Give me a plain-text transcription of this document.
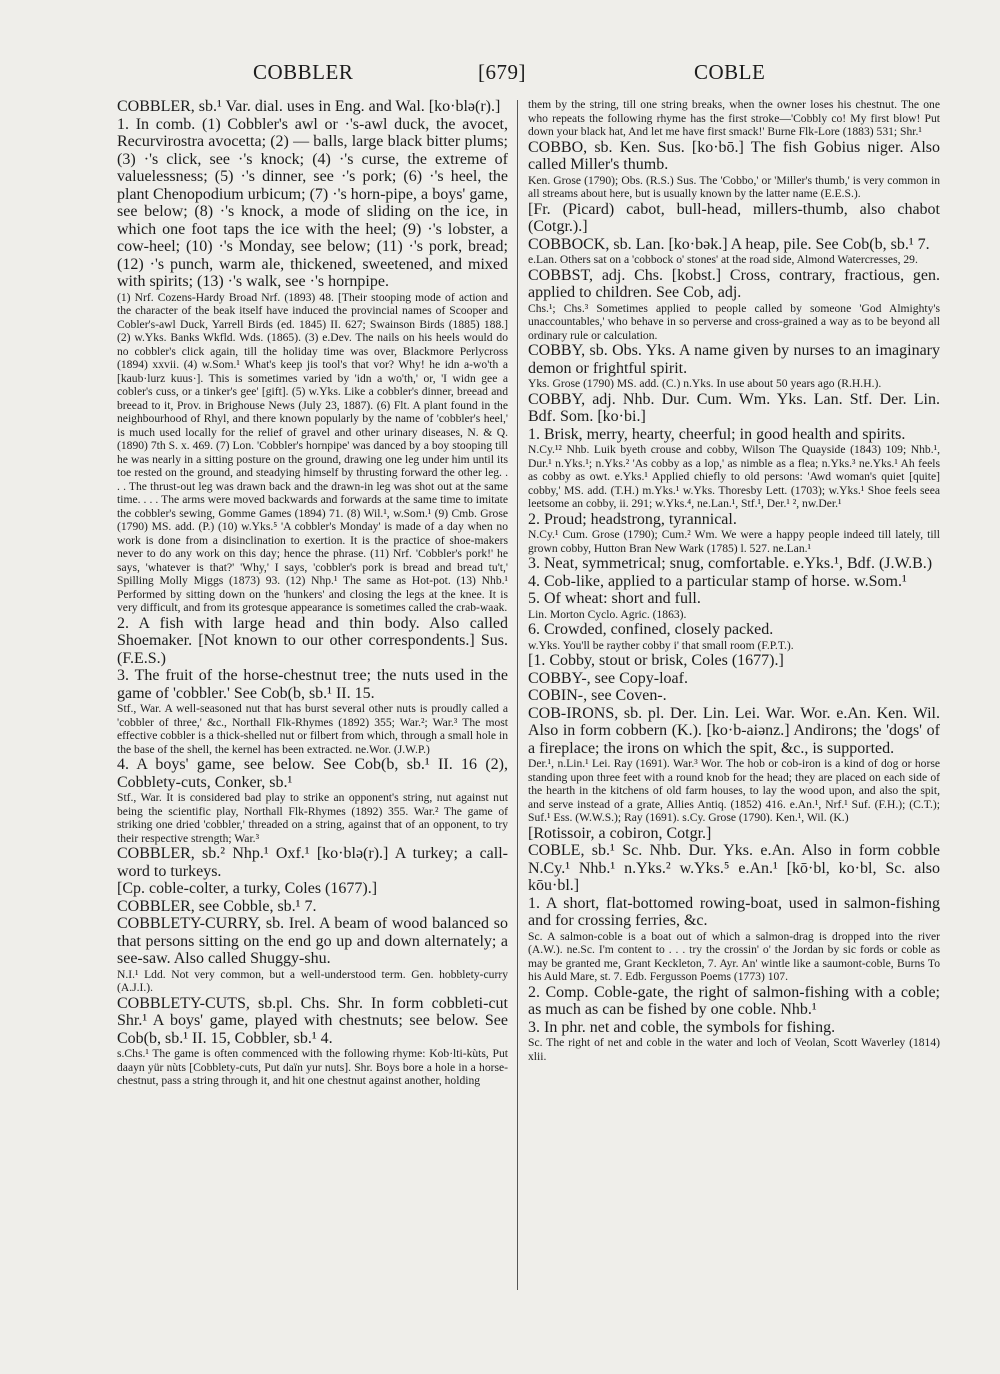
COBBLER	[679]	COBLE

COBBLER, sb.¹ Var. dial. uses in Eng. and Wal. [ko·blə(r).]

1. In comb. (1) Cobbler's awl or ·'s-awl duck, the avocet, Recurvirostra avocetta; (2) — balls, large black bitter plums; (3) ·'s click, see ·'s knock; (4) ·'s curse, the extreme of valuelessness; (5) ·'s dinner, see ·'s pork; (6) ·'s heel, the plant Chenopodium urbicum; (7) ·'s horn-pipe, a boys' game, see below; (8) ·'s knock, a mode of sliding on the ice, in which one foot taps the ice with the heel; (9) ·'s lobster, a cow-heel; (10) ·'s Monday, see below; (11) ·'s pork, bread; (12) ·'s punch, warm ale, thickened, sweetened, and mixed with spirits; (13) ·'s walk, see ·'s hornpipe.

(1) Nrf. Cozens-Hardy Broad Nrf. (1893) 48. [Their stooping mode of action and the character of the beak itself have induced the provincial names of Scooper and Cobler's-awl Duck, Yarrell Birds (ed. 1845) II. 627; Swainson Birds (1885) 188.] (2) w.Yks. Banks Wkfld. Wds. (1865). (3) e.Dev. The nails on his heels would do no cobbler's click again, till the holiday time was over, Blackmore Perlycross (1894) xxvii. (4) w.Som.¹ What's keep jis tool's that vor? Why! he idn a-wo'th a [kaub·lurz kuus·]. This is sometimes varied by 'idn a wo'th,' or, 'I widn gee a cobler's cuss, or a tinker's gee' [gift]. (5) w.Yks. Like a cobbler's dinner, breead and breead to it, Prov. in Brighouse News (July 23, 1887). (6) Flt. A plant found in the neighbourhood of Rhyl, and there known popularly by the name of 'cobbler's heel,' is much used locally for the relief of gravel and other urinary diseases, N. & Q. (1890) 7th S. x. 469. (7) Lon. 'Cobbler's hornpipe' was danced by a boy stooping till he was nearly in a sitting posture on the ground, drawing one leg under him until its toe rested on the ground, and steadying himself by thrusting forward the other leg. . . . The thrust-out leg was drawn back and the drawn-in leg was shot out at the same time. . . . The arms were moved backwards and forwards at the same time to imitate the cobbler's sewing, Gomme Games (1894) 71. (8) Wil.¹, w.Som.¹ (9) Cmb. Grose (1790) MS. add. (P.) (10) w.Yks.⁵ 'A cobbler's Monday' is made of a day when no work is done from a disinclination to exertion. It is the practice of shoe-makers never to do any work on this day; hence the phrase. (11) Nrf. 'Cobbler's pork!' he says, 'whatever is that?' 'Why,' I says, 'cobbler's pork is bread and bread tu't,' Spilling Molly Miggs (1873) 93. (12) Nhp.¹ The same as Hot-pot. (13) Nhb.¹ Performed by sitting down on the 'hunkers' and closing the legs at the knee. It is very difficult, and from its grotesque appearance is sometimes called the crab-waak.

2. A fish with large head and thin body. Also called Shoemaker. [Not known to our other correspondents.] Sus. (F.E.S.)

3. The fruit of the horse-chestnut tree; the nuts used in the game of 'cobbler.' See Cob(b, sb.¹ II. 15.

Stf., War. A well-seasoned nut that has burst several other nuts is proudly called a 'cobbler of three,' &c., Northall Flk-Rhymes (1892) 355; War.²; War.³ The most effective cobbler is a thick-shelled nut or filbert from which, through a small hole in the base of the shell, the kernel has been extracted. ne.Wor. (J.W.P.)

4. A boys' game, see below. See Cob(b, sb.¹ II. 16 (2), Cobblety-cuts, Conker, sb.¹

Stf., War. It is considered bad play to strike an opponent's string, nut against nut being the scientific play, Northall Flk-Rhymes (1892) 355. War.² The game of striking one dried 'cobbler,' threaded on a string, against that of an opponent, to try their respective strength; War.³

COBBLER, sb.² Nhp.¹ Oxf.¹ [ko·blə(r).] A turkey; a call-word to turkeys.

[Cp. coble-colter, a turky, Coles (1677).]

COBBLER, see Cobble, sb.¹ 7.

COBBLETY-CURRY, sb. Irel. A beam of wood balanced so that persons sitting on the end go up and down alternately; a see-saw. Also called Shuggy-shu.

N.I.¹ Ldd. Not very common, but a well-understood term. Gen. hobblety-curry (A.J.I.).

COBBLETY-CUTS, sb.pl. Chs. Shr. In form cobbleti-cut Shr.¹ A boys' game, played with chestnuts; see below. See Cob(b, sb.¹ II. 15, Cobbler, sb.¹ 4.

s.Chs.¹ The game is often commenced with the following rhyme: Kob·lti-kùts, Put daayn yür nùts [Cobblety-cuts, Put daïn yur nuts]. Shr. Boys bore a hole in a horse-chestnut, pass a string through it, and hit one chestnut against another, holding

them by the string, till one string breaks, when the owner loses his chestnut. The one who repeats the following rhyme has the first stroke—'Cobbly co! My first blow! Put down your black hat, And let me have first smack!' Burne Flk-Lore (1883) 531; Shr.¹

COBBO, sb. Ken. Sus. [ko·bō.] The fish Gobius niger. Also called Miller's thumb.

Ken. Grose (1790); Obs. (R.S.) Sus. The 'Cobbo,' or 'Miller's thumb,' is very common in all streams about here, but is usually known by the latter name (E.E.S.).

[Fr. (Picard) cabot, bull-head, millers-thumb, also chabot (Cotgr.).]

COBBOCK, sb. Lan. [ko·bək.] A heap, pile. See Cob(b, sb.¹ 7.

e.Lan. Others sat on a 'cobbock o' stones' at the road side, Almond Watercresses, 29.

COBBST, adj. Chs. [kobst.] Cross, contrary, fractious, gen. applied to children. See Cob, adj.

Chs.¹; Chs.³ Sometimes applied to people called by someone 'God Almighty's unaccountables,' who behave in so perverse and cross-grained a way as to be beyond all ordinary rule or calculation.

COBBY, sb. Obs. Yks. A name given by nurses to an imaginary demon or frightful spirit.

Yks. Grose (1790) MS. add. (C.) n.Yks. In use about 50 years ago (R.H.H.).

COBBY, adj. Nhb. Dur. Cum. Wm. Yks. Lan. Stf. Der. Lin. Bdf. Som. [ko·bi.]

1. Brisk, merry, hearty, cheerful; in good health and spirits.

N.Cy.¹² Nhb. Luik byeth crouse and cobby, Wilson The Quayside (1843) 109; Nhb.¹, Dur.¹ n.Yks.¹; n.Yks.² 'As cobby as a lop,' as nimble as a flea; n.Yks.³ ne.Yks.¹ Ah feels as cobby as owt. e.Yks.¹ Applied chiefly to old persons: 'Awd woman's quiet [quite] cobby,' MS. add. (T.H.) m.Yks.¹ w.Yks. Thoresby Lett. (1703); w.Yks.¹ Shoe feels seea leetsome an cobby, ii. 291; w.Yks.⁴, ne.Lan.¹, Stf.¹, Der.¹ ², nw.Der.¹

2. Proud; headstrong, tyrannical.

N.Cy.¹ Cum. Grose (1790); Cum.² Wm. We were a happy people indeed till lately, till grown cobby, Hutton Bran New Wark (1785) l. 527. ne.Lan.¹

3. Neat, symmetrical; snug, comfortable. e.Yks.¹, Bdf. (J.W.B.)

4. Cob-like, applied to a particular stamp of horse. w.Som.¹

5. Of wheat: short and full.

Lin. Morton Cyclo. Agric. (1863).

6. Crowded, confined, closely packed.

w.Yks. You'll be rayther cobby i' that small room (F.P.T.).

[1. Cobby, stout or brisk, Coles (1677).]

COBBY-, see Copy-loaf.

COBIN-, see Coven-.

COB-IRONS, sb. pl. Der. Lin. Lei. War. Wor. e.An. Ken. Wil. Also in form cobbern (K.). [ko·b-aiənz.] Andirons; the 'dogs' of a fireplace; the irons on which the spit, &c., is supported.

Der.¹, n.Lin.¹ Lei. Ray (1691). War.³ Wor. The hob or cob-iron is a kind of dog or horse standing upon three feet with a round knob for the head; they are placed on each side of the hearth in the kitchens of old farm houses, to lay the wood upon, and also the spit, and serve instead of a grate, Allies Antiq. (1852) 416. e.An.¹, Nrf.¹ Suf. (F.H.); (C.T.); Suf.¹ Ess. (W.W.S.); Ray (1691). s.Cy. Grose (1790). Ken.¹, Wil. (K.)

[Rotissoir, a cobiron, Cotgr.]

COBLE, sb.¹ Sc. Nhb. Dur. Yks. e.An. Also in form cobble N.Cy.¹ Nhb.¹ n.Yks.² w.Yks.⁵ e.An.¹ [kō·bl, ko·bl, Sc. also kōu·bl.]

1. A short, flat-bottomed rowing-boat, used in salmon-fishing and for crossing ferries, &c.

Sc. A salmon-coble is a boat out of which a salmon-drag is dropped into the river (A.W.). ne.Sc. I'm content to . . . try the crossin' o' the Jordan by sic fords or coble as may be granted me, Grant Keckleton, 7. Ayr. An' wintle like a saumont-coble, Burns To his Auld Mare, st. 7. Edb. Fergusson Poems (1773) 107.

2. Comp. Coble-gate, the right of salmon-fishing with a coble; as much as can be fished by one coble. Nhb.¹

3. In phr. net and coble, the symbols for fishing.

Sc. The right of net and coble in the water and loch of Veolan, Scott Waverley (1814) xlii.
